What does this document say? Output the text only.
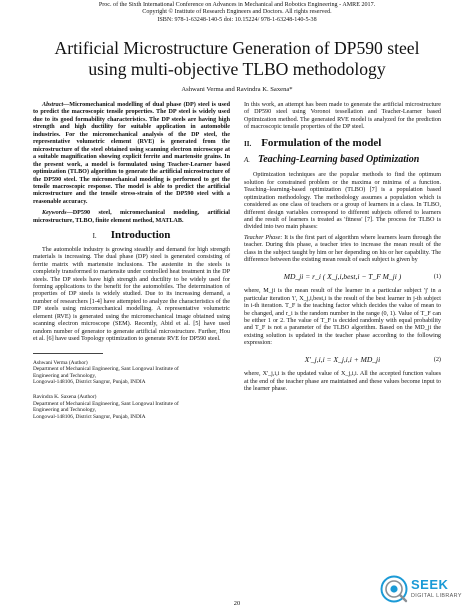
Proc. of the Sixth International Conference on Advances in Mechanical and Robotics Engineering - AMRE 2017.
Copyright © Institute of Research Engineers and Doctors. All rights reserved.
ISBN: 978-1-63248-140-5 doi: 10.15224/ 978-1-63248-140-5-38
Artificial Microstructure Generation of DP590 steel
using multi-objective TLBO methodology
Ashwani Verma and Ravindra K. Saxena*

Abstract—Micromechanical modelling of dual phase (DP) steel is used to predict the macroscopic tensile properties. The DP steel is widely used due to its good formability characteristics. The DP steels are having high strength and high ductility for suitable application in automobile industries. For the micromechanical analysis of the DP steel, the representative volumetric element (RVE) is generated from the microstructure of the steel obtained using scanning electron microscope at a suitable magnification showing explicit ferrite and martensite grains. In the present work, a model is formulated using Teacher-Learner based optimization (TLBO) algorithm to generate the artificial microstructure of the DP590 steel. The micromechanical modeling is performed to get the tensile macroscopic response. The model is able to predict the artificial microstructure and the tensile stress-strain of the DP590 steel with a reasonable accuracy.

Keywords—DP590 steel, micromechanical modeling, artificial microstructure, TLBO, finite element method, MATLAB.

I. Introduction

The automobile industry is growing steadily and demand for high strength materials is increasing. The dual phase (DP) steel is generated consisting of ferrite matrix with martensite inclusions. The austenite in the steels is completely transformed to martensite under controlled heat treatment in the DP steels. The DP steels have high strength and ductility to be widely used for forming applications to the benefit for the automobiles. The determination of properties of DP steels is widely studied. Due to its increasing demand, a number of researchers [1-4] have attempted to analyze the characteristics of the DP steels using micromechanical modelling. A representative volumetric element (RVE) is generated using the micromechanical image obtained using scanning electron microscope (SEM). Recently, Abid et al. [5] have used random number of generator to generate artificial microstructure. Further, Hou et al. [6] have used Topology optimization to generate RVE for DP590 steel.

Ashwani Verma (Author)
Department of Mechanical Engineering, Sant Longowal Institute of
Engineering and Technology,
Longowal-148106, District Sangrur, Punjab, INDIA
Ravindra K. Saxena (Author)
Department of Mechanical Engineering, Sant Longowal Institute of
Engineering and Technology,
Longowal-148106, District Sangrur, Punjab, INDIA

In this work, an attempt has been made to generate the artificial microstructure of DP590 steel using Voronoi tessellation and Teacher-Learner based Optimization method. The generated RVE model is analyzed for the prediction of macroscopic tensile properties of the DP steel.

II. Formulation of the model
A. Teaching-Learning based Optimization

Optimization techniques are the popular methods to find the optimum solution for constrained problem or the maxima or minima of a function. Teaching–learning-based optimization (TLBO) [7] is a population based optimization methodology. The methodology assumes a population which is considered as one class of teachers or a group of learners in a class. In TLBO, different design variables correspond to different subjects offered to learners and the result of learners is treated as 'fitness' [7]. The process for TLBO is divided into two main phases:

Teacher Phase: It is the first part of algorithm where learners learn through the teacher. During this phase, a teacher tries to increase the mean result of the class in the subject taught by him or her depending on his or her capability. The difference between the existing mean result of each subject is given by

MD_ji = r_i ( X_j,i,best,i − T_F M_ji )	(1)

where, M_ji is the mean result of the learner in a particular subject 'j' in a particular iteration 'i', X_j,i,best,i is the result of the best learner in j-th subject in i-th iteration. T_F is the teaching factor which decides the value of mean to be changed, and r_i is the random number in the range (0, 1). Value of T_F can be either 1 or 2. The value of T_F is decided randomly with equal probability and T_F is not a parameter of the TLBO algorithm. Based on the MD_ji the existing solution is updated in the teacher phase according to the following expression:

X'_j,i,i = X_j,i,i + MD_ji	(2)

where, X'_j,i,i is the updated value of X_j,i,i. All the accepted function values at the end of the teacher phase are maintained and these values become input to the learner phase.

20
SEEK
DIGITAL LIBRARY
